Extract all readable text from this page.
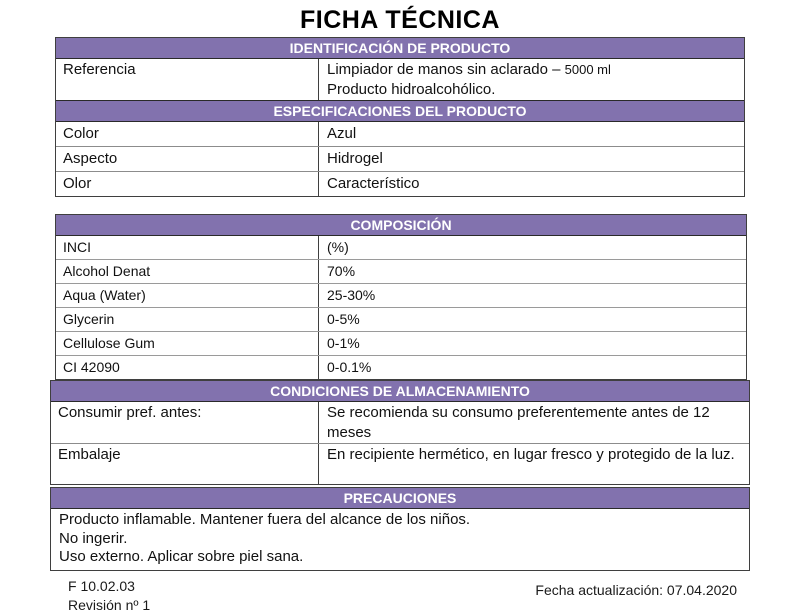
FICHA TÉCNICA
IDENTIFICACIÓN DE PRODUCTO
Referencia	Limpiador de manos sin aclarado – 5000 ml
Producto hidroalcohólico.
ESPECIFICACIONES DEL PRODUCTO
Color	Azul
Aspecto	Hidrogel
Olor	Característico
COMPOSICIÓN
INCI	(%)
Alcohol Denat	70%
Aqua (Water)	25-30%
Glycerin	0-5%
Cellulose Gum	0-1%
CI 42090	0-0.1%
CONDICIONES DE ALMACENAMIENTO
Consumir pref. antes:	Se recomienda su consumo preferentemente antes de 12 meses
Embalaje	En recipiente hermético, en lugar fresco y protegido de la luz.
PRECAUCIONES
Producto inflamable. Mantener fuera del alcance de los niños.
No ingerir.
Uso externo. Aplicar sobre piel sana.
F 10.02.03
Revisión nº 1
Fecha actualización: 07.04.2020
